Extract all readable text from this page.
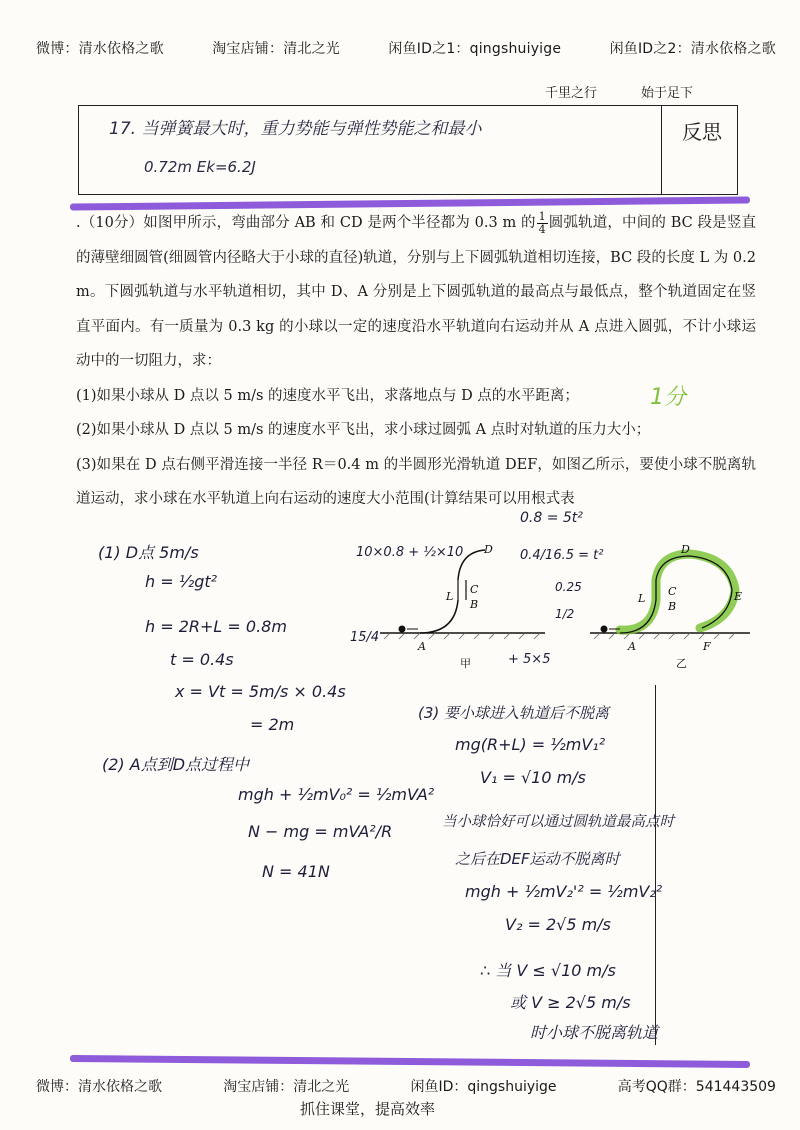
微博：清水依格之歌	淘宝店铺：清北之光	闲鱼ID之1：qingshuiyige	闲鱼ID之2：清水依格之歌
千里之行	始于足下
反思
17. 当弹簧最大时，重力势能与弹性势能之和最小
0.72m Ek=6.2J

.（10分）如图甲所示，弯曲部分 AB 和 CD 是两个半径都为 0.3 m 的 $\frac{1}{4}$ 圆弧轨道，中间的 BC 段是竖直的薄壁细圆管(细圆管内径略大于小球的直径)轨道，分别与上下圆弧轨道相切连接，BC 段的长度 L 为 0.2 m。下圆弧轨道与水平轨道相切，其中 D、A 分别是上下圆弧轨道的最高点与最低点，整个轨道固定在竖直平面内。有一质量为 0.3 kg 的小球以一定的速度沿水平轨道向右运动并从 A 点进入圆弧，不计小球运动中的一切阻力，求：

(1)如果小球从 D 点以 5 m/s 的速度水平飞出，求落地点与 D 点的水平距离；

(2)如果小球从 D 点以 5 m/s 的速度水平飞出，求小球过圆弧 A 点时对轨道的压力大小；

(3)如果在 D 点右侧平滑连接一半径 R＝0.4 m 的半圆形光滑轨道 DEF，如图乙所示，要使小球不脱离轨道运动，求小球在水平轨道上向右运动的速度大小范围(计算结果可以用根式表

1分
D
C
B
L
A
甲
D
C
B
L	E
F
A
乙
10×0.8 + ½×10
0.8 = 5t²
0.4/16.5 = t²
15/4
+ 5×5
0.25
1/2
(1) D点 5m/s
h = ½gt²
h = 2R+L = 0.8m
t = 0.4s
x = Vt = 5m/s × 0.4s
= 2m
(2) A点到D点过程中
mgh + ½mV₀² = ½mVA²
N − mg = mVA²/R
N = 41N
(3) 要小球进入轨道后不脱离
mg(R+L) = ½mV₁²
V₁ = √10 m/s
当小球恰好可以通过圆轨道最高点时
之后在DEF运动不脱离时
mgh + ½mV₂'² = ½mV₂²
V₂ = 2√5 m/s
∴ 当 V ≤ √10 m/s
或 V ≥ 2√5 m/s
时小球不脱离轨道
微博：清水依格之歌	淘宝店铺：清北之光	闲鱼ID：qingshuiyige	高考QQ群：541443509
抓住课堂，提高效率
